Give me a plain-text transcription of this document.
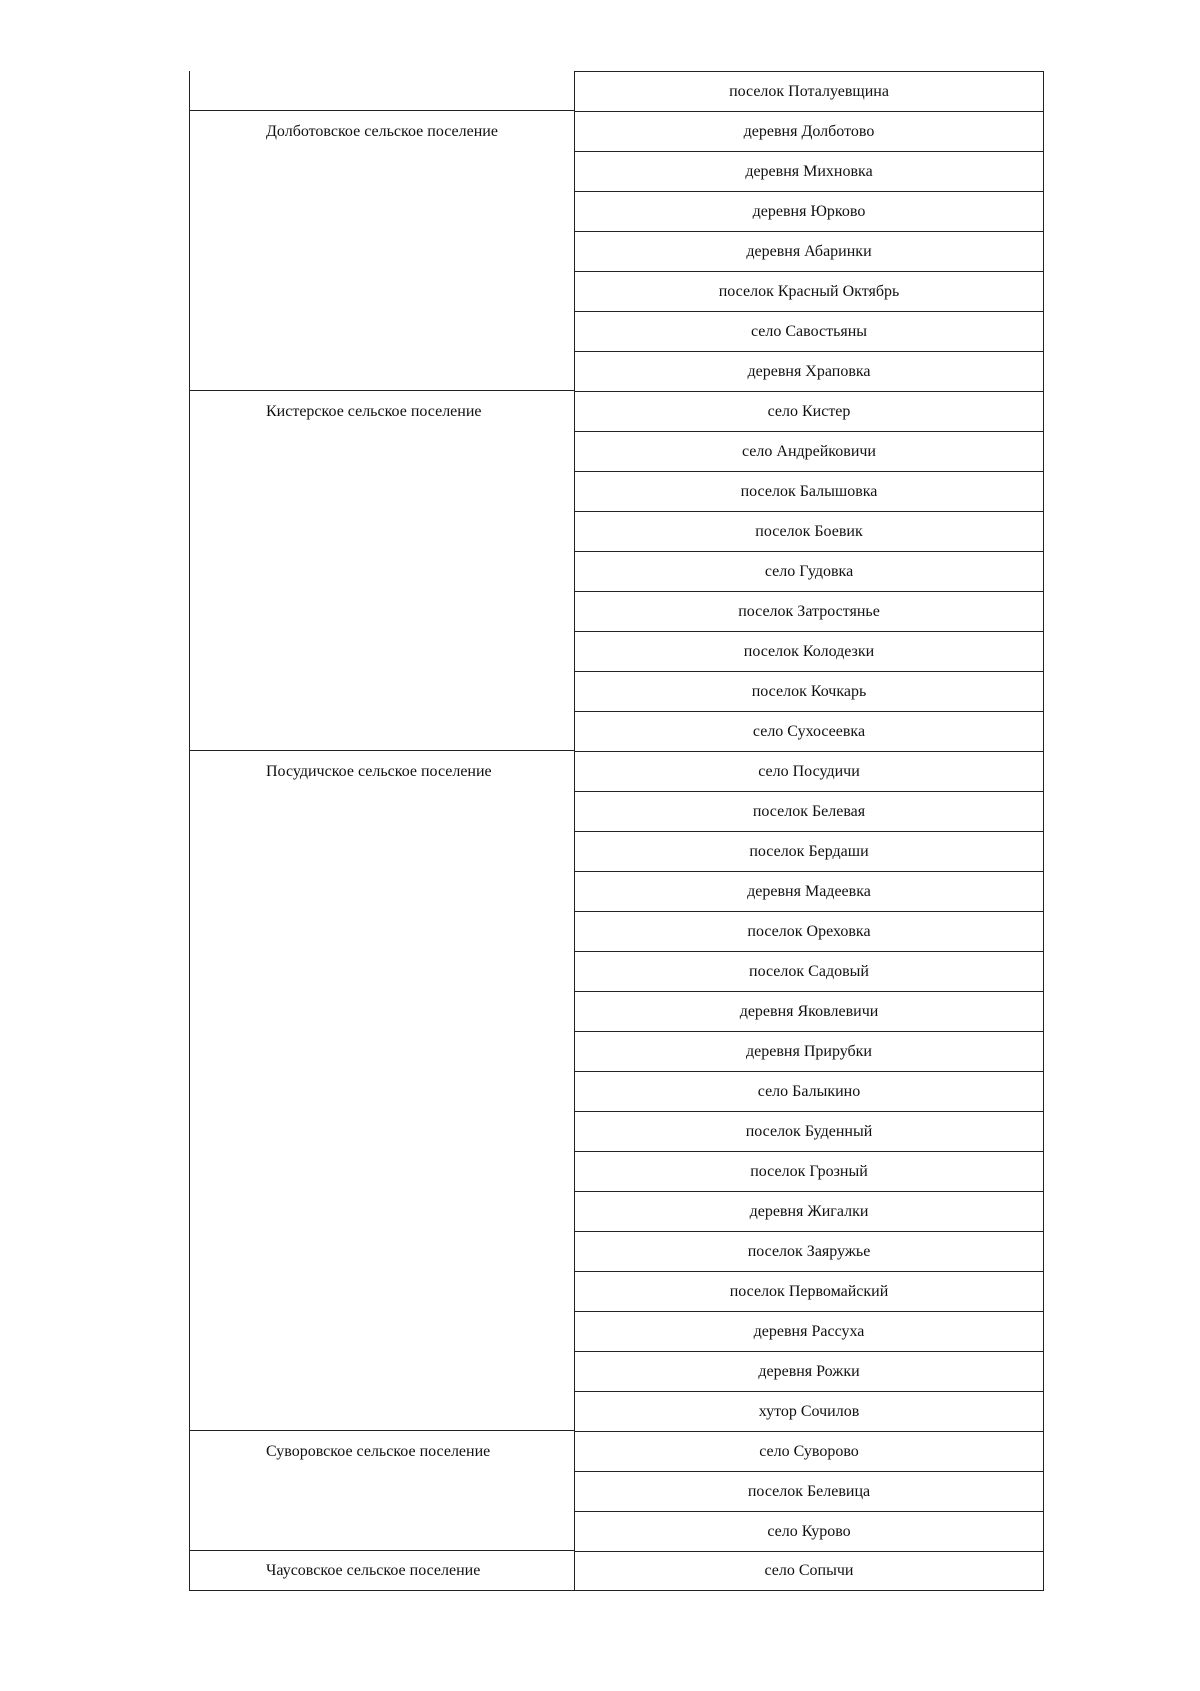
поселок Поталуевщина
Долботовское сельское поселение	деревня Долботово
деревня Михновка
деревня Юрково
деревня Абаринки
поселок Красный Октябрь
село Савостьяны
деревня Храповка
Кистерское сельское поселение	село Кистер
село Андрейковичи
поселок Балышовка
поселок Боевик
село Гудовка
поселок Затростянье
поселок Колодезки
поселок Кочкарь
село Сухосеевка
Посудичское сельское поселение	село Посудичи
поселок Белевая
поселок Бердаши
деревня Мадеевка
поселок Ореховка
поселок Садовый
деревня Яковлевичи
деревня Прирубки
село Балыкино
поселок Буденный
поселок Грозный
деревня Жигалки
поселок Заяружье
поселок Первомайский
деревня Рассуха
деревня Рожки
хутор Сочилов
Суворовское сельское поселение	село Суворово
поселок Белевица
село Курово
Чаусовское сельское поселение	село Сопычи
